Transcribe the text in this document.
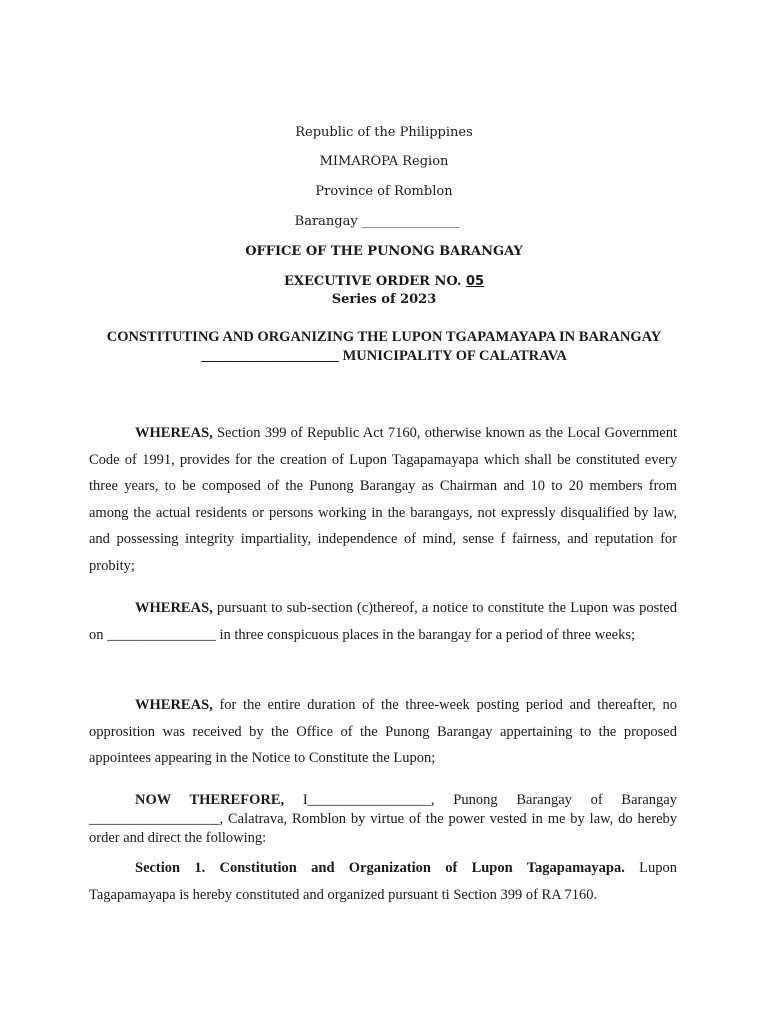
Republic of the Philippines
MIMAROPA Region
Province of Romblon
Barangay _______________
OFFICE OF THE PUNONG BARANGAY
EXECUTIVE ORDER NO. 05
Series of 2023
CONSTITUTING AND ORGANIZING THE LUPON TGAPAMAYAPA IN BARANGAY
___________________ MUNICIPALITY OF CALATRAVA
WHEREAS, Section 399 of Republic Act 7160, otherwise known as the Local Government Code of 1991, provides for the creation of Lupon Tagapamayapa which shall be constituted every three years, to be composed of the Punong Barangay as Chairman and 10 to 20 members from among the actual residents or persons working in the barangays, not expressly disqualified by law, and possessing integrity impartiality, independence of mind, sense f fairness, and reputation for probity;
WHEREAS, pursuant to sub-section (c)thereof, a notice to constitute the Lupon was posted on _______________ in three conspicuous places in the barangay for a period of three weeks;
WHEREAS, for the entire duration of the three-week posting period and thereafter, no opprosition was received by the Office of the Punong Barangay appertaining to the proposed appointees appearing in the Notice to Constitute the Lupon;
NOW THEREFORE, I_________________, Punong Barangay of Barangay __________________, Calatrava, Romblon by virtue of the power vested in me by law, do hereby order and direct the following:
Section 1. Constitution and Organization of Lupon Tagapamayapa. Lupon Tagapamayapa is hereby constituted and organized pursuant ti Section 399 of RA 7160.
